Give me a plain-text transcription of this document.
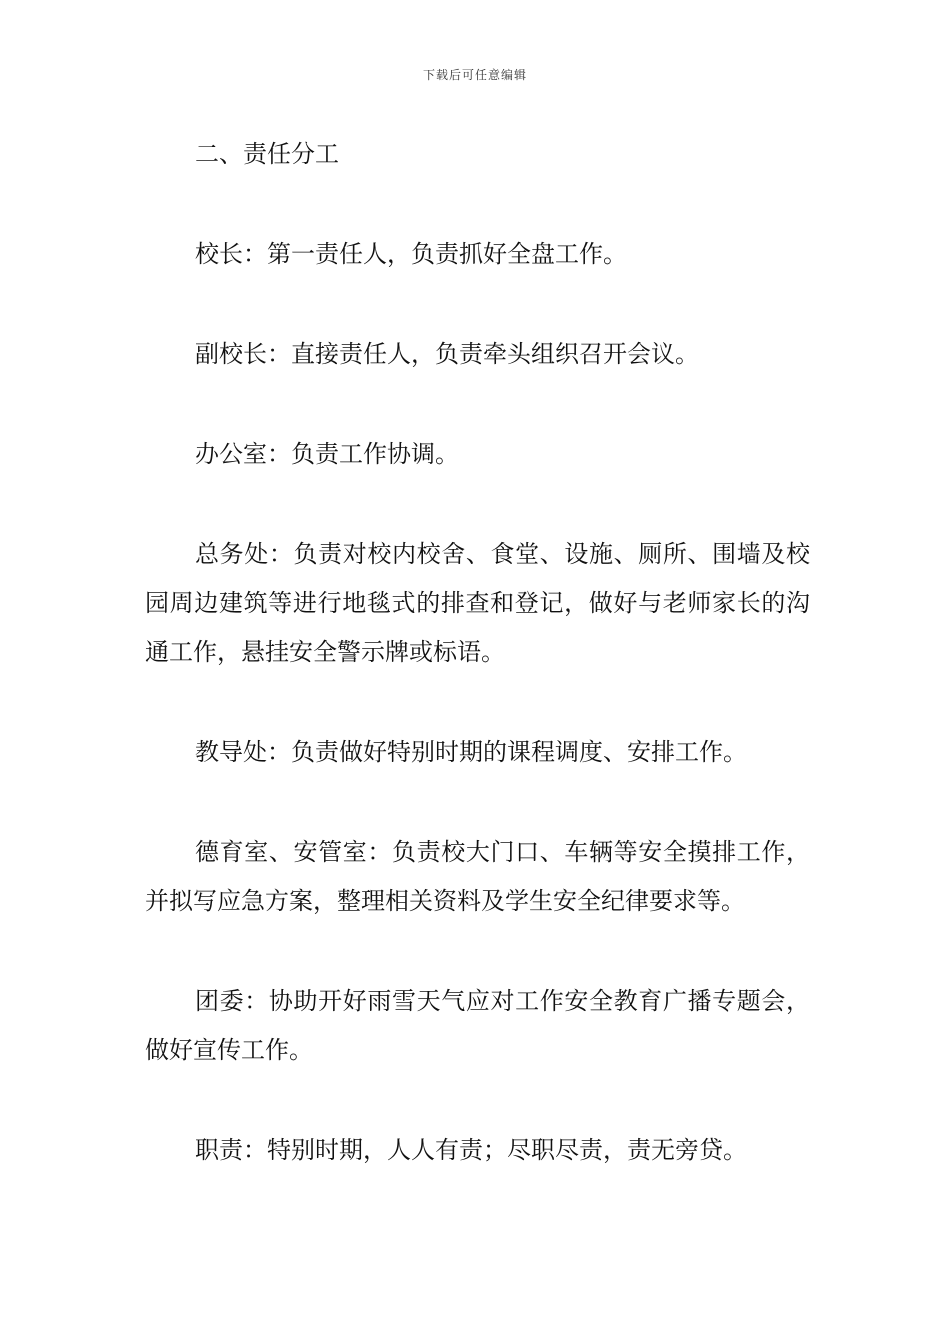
下载后可任意编辑

二、责任分工

校长：第一责任人，负责抓好全盘工作。

副校长：直接责任人，负责牵头组织召开会议。

办公室：负责工作协调。

总务处：负责对校内校舍、食堂、设施、厕所、围墙及校园周边建筑等进行地毯式的排查和登记，做好与老师家长的沟通工作，悬挂安全警示牌或标语。

教导处：负责做好特别时期的课程调度、安排工作。

德育室、安管室：负责校大门口、车辆等安全摸排工作，并拟写应急方案，整理相关资料及学生安全纪律要求等。

团委：协助开好雨雪天气应对工作安全教育广播专题会，做好宣传工作。

职责：特别时期，人人有责；尽职尽责，责无旁贷。
